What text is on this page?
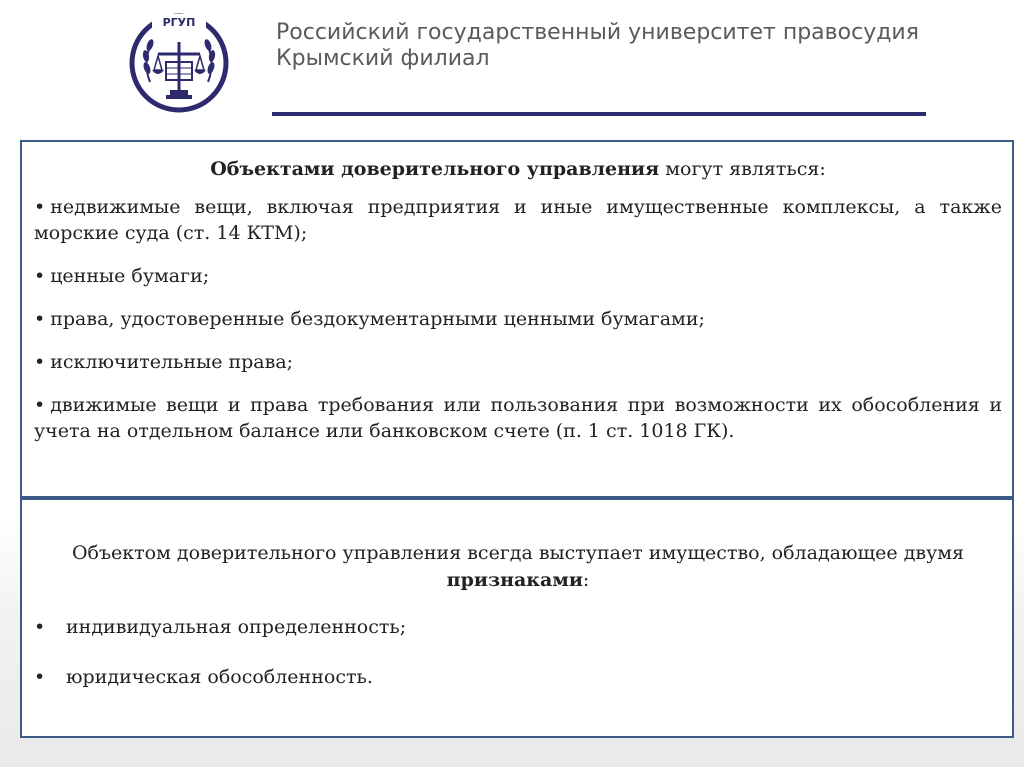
РГУП	Российский государственный университет правосудия
Крымский филиал
Объектами доверительного управления могут являться:
• недвижимые вещи, включая предприятия и иные имущественные комплексы, а также морские суда (ст. 14 КТМ);
• ценные бумаги;
• права, удостоверенные бездокументарными ценными бумагами;
• исключительные права;
• движимые вещи и права требования или пользования при возможности их обособления и учета на отдельном балансе или банковском счете (п. 1 ст. 1018 ГК).
Объектом доверительного управления всегда выступает имущество, обладающее двумя признаками:
•	индивидуальная определенность;
•	юридическая обособленность.
